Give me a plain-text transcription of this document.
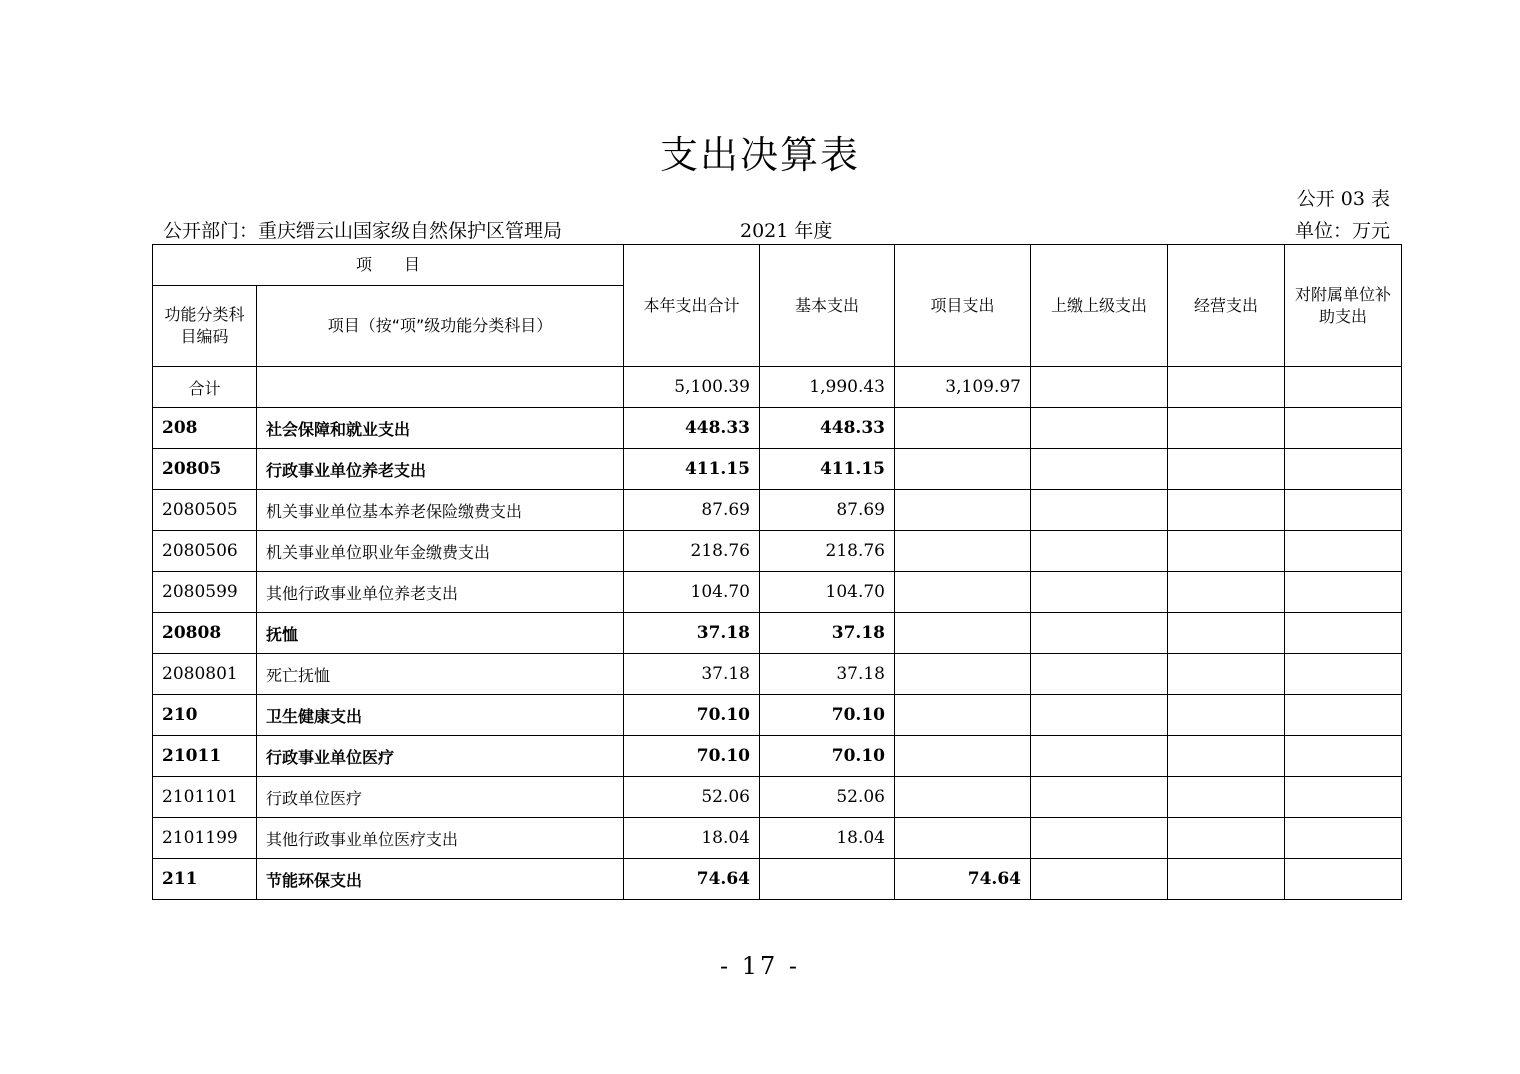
支出决算表
公开 03 表
公开部门：重庆缙云山国家级自然保护区管理局	2021 年度	单位：万元
项　　目		本年支出合计	基本支出	项目支出	上缴上级支出	经营支出	对附属单位补助支出
功能分类科目编码	项目（按“项”级功能分类科目）						
合计		5,100.39	1,990.43	3,109.97			
208	社会保障和就业支出	448.33	448.33				
20805	行政事业单位养老支出	411.15	411.15				
2080505	机关事业单位基本养老保险缴费支出	87.69	87.69				
2080506	机关事业单位职业年金缴费支出	218.76	218.76				
2080599	其他行政事业单位养老支出	104.70	104.70				
20808	抚恤	37.18	37.18				
2080801	死亡抚恤	37.18	37.18				
210	卫生健康支出	70.10	70.10				
21011	行政事业单位医疗	70.10	70.10				
2101101	行政单位医疗	52.06	52.06				
2101199	其他行政事业单位医疗支出	18.04	18.04				
211	节能环保支出	74.64		74.64			
- 17 -
